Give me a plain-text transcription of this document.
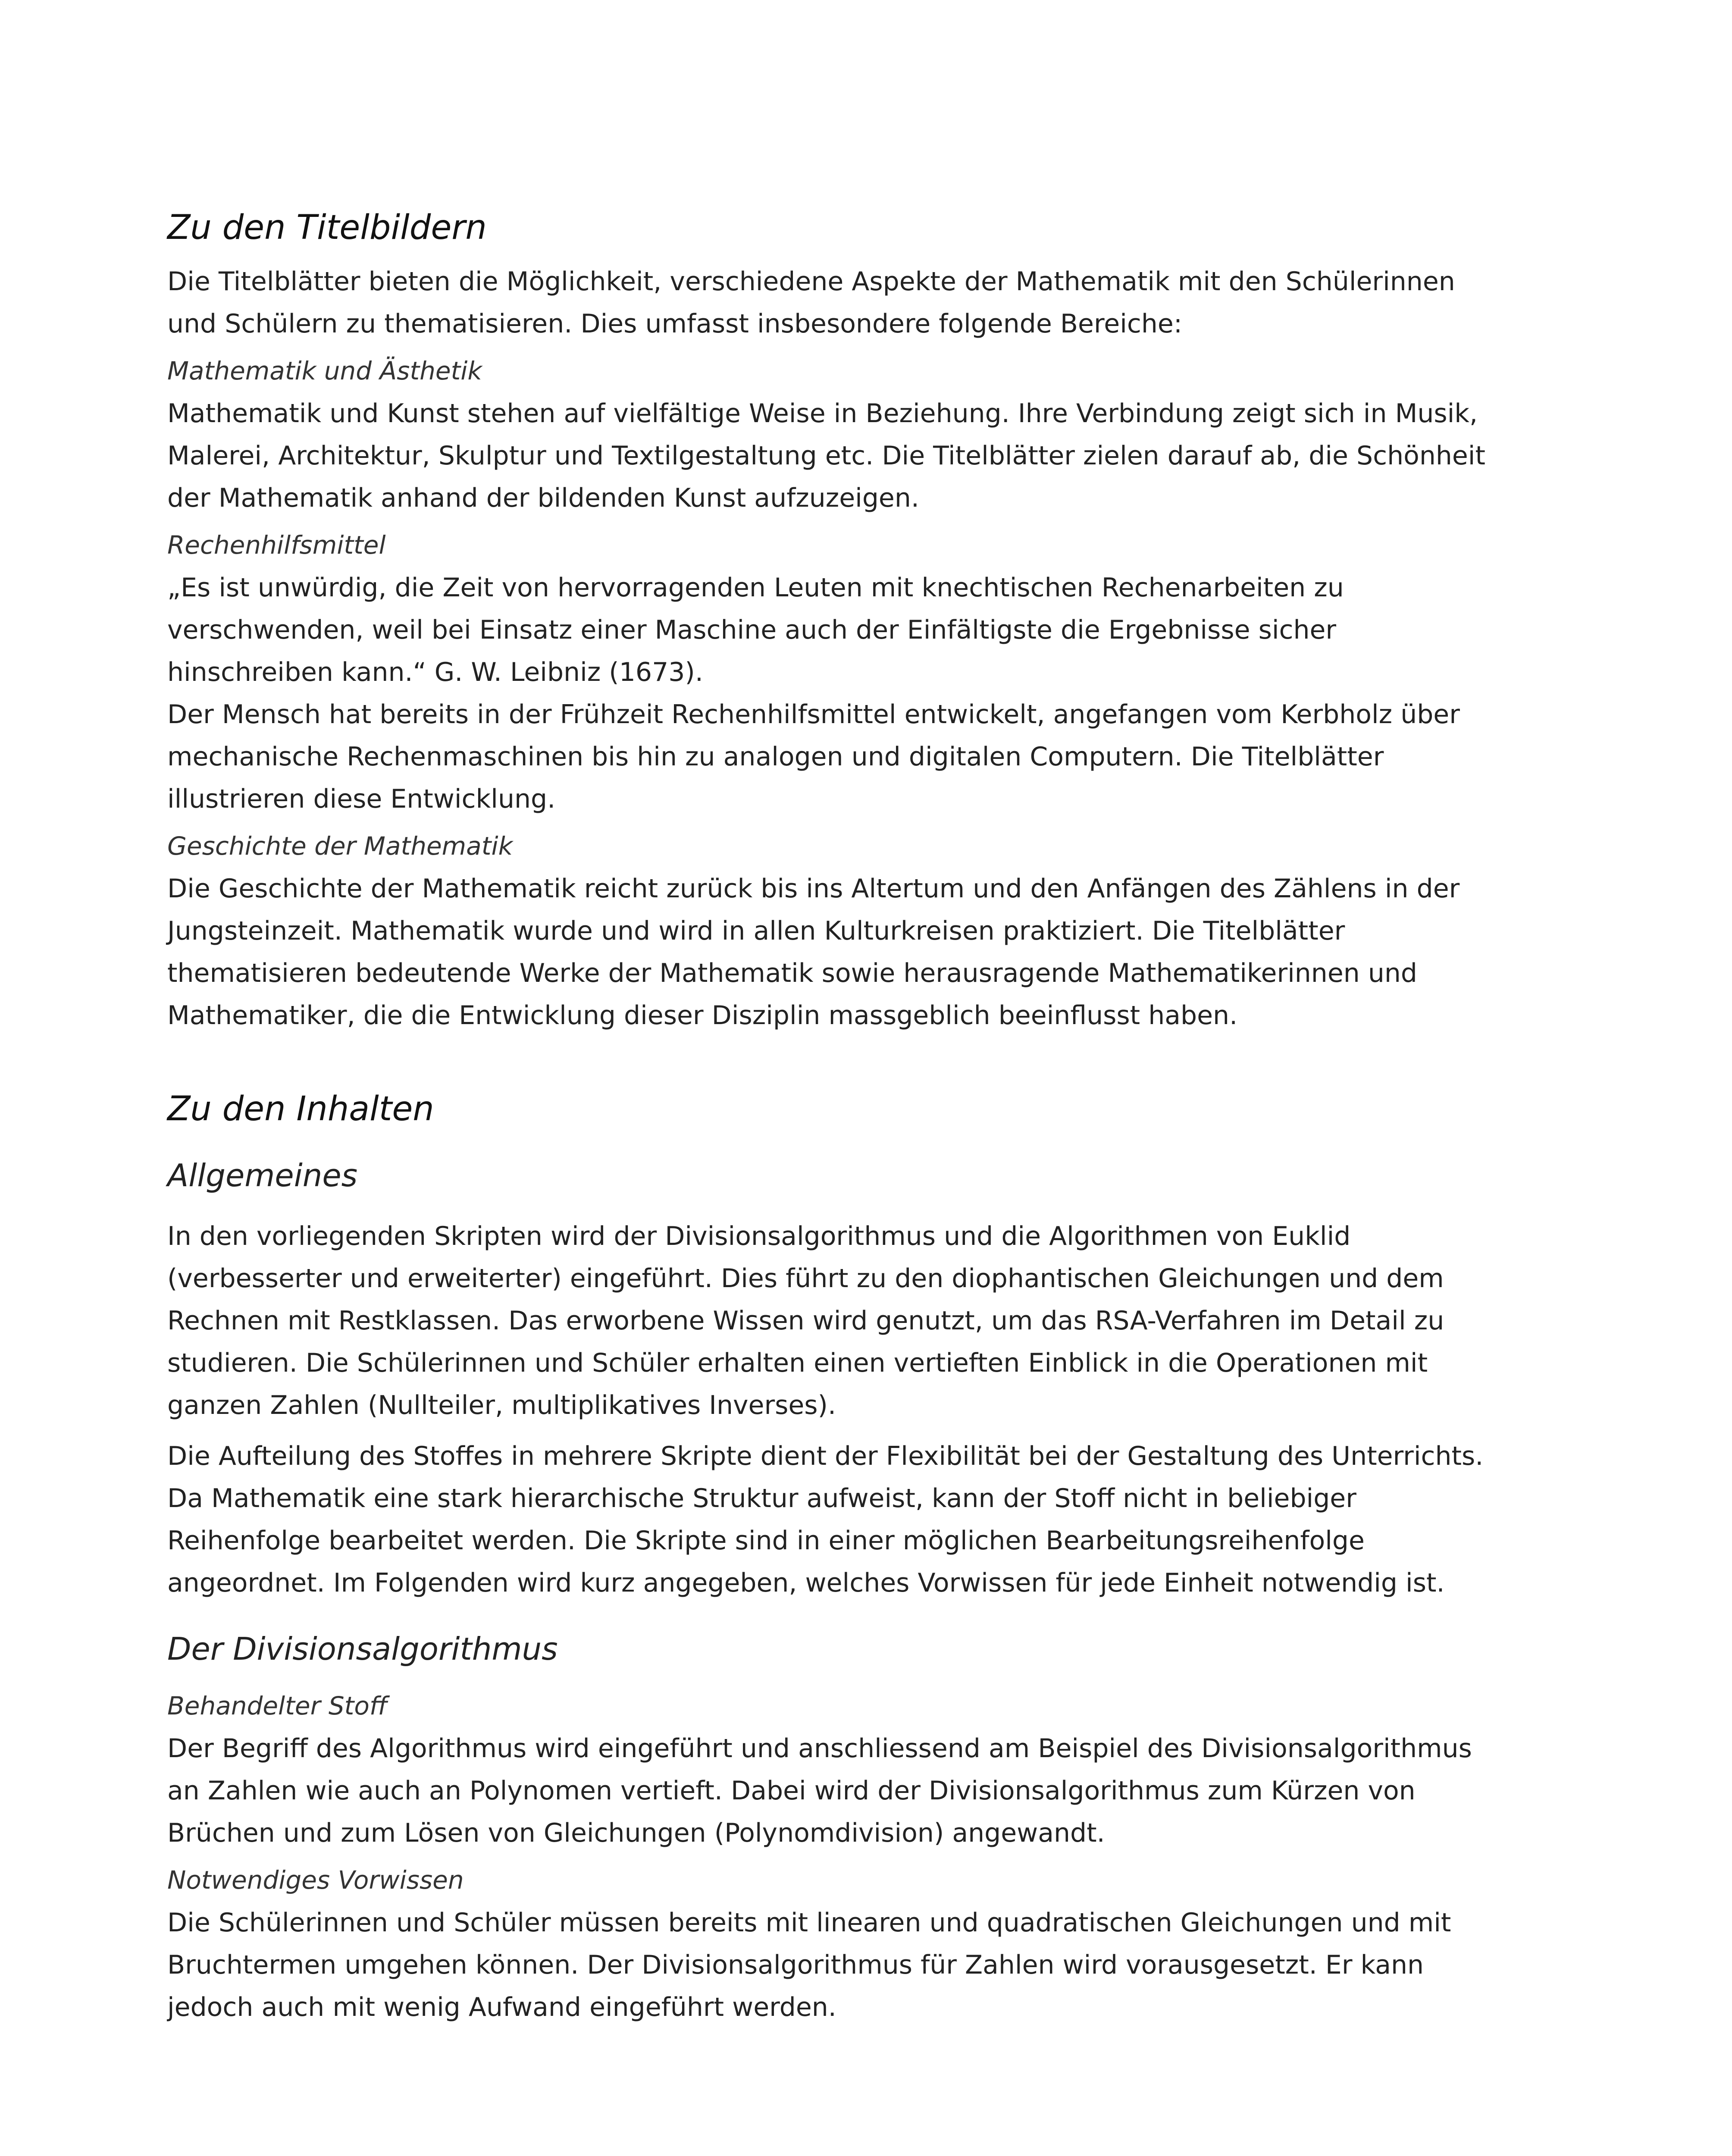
Zu den Titelbildern

Die Titelblätter bieten die Möglichkeit, verschiedene Aspekte der Mathematik mit den Schülerinnen und Schülern zu thematisieren. Dies umfasst insbesondere folgende Bereiche:

Mathematik und Ästhetik

Mathematik und Kunst stehen auf vielfältige Weise in Beziehung. Ihre Verbindung zeigt sich in Musik, Malerei, Architektur, Skulptur und Textilgestaltung etc. Die Titelblätter zielen darauf ab, die Schönheit der Mathematik anhand der bildenden Kunst aufzuzeigen.

Rechenhilfsmittel

„Es ist unwürdig, die Zeit von hervorragenden Leuten mit knechtischen Rechenarbeiten zu verschwenden, weil bei Einsatz einer Maschine auch der Einfältigste die Ergebnisse sicher hinschreiben kann.“ G. W. Leibniz (1673).

Der Mensch hat bereits in der Frühzeit Rechenhilfsmittel entwickelt, angefangen vom Kerbholz über mechanische Rechenmaschinen bis hin zu analogen und digitalen Computern. Die Titelblätter illustrieren diese Entwicklung.

Geschichte der Mathematik

Die Geschichte der Mathematik reicht zurück bis ins Altertum und den Anfängen des Zählens in der Jungsteinzeit. Mathematik wurde und wird in allen Kulturkreisen praktiziert. Die Titelblätter thematisieren bedeutende Werke der Mathematik sowie herausragende Mathematikerinnen und Mathematiker, die die Entwicklung dieser Disziplin massgeblich beeinflusst haben.

Zu den Inhalten
Allgemeines

In den vorliegenden Skripten wird der Divisionsalgorithmus und die Algorithmen von Euklid (verbesserter und erweiterter) eingeführt. Dies führt zu den diophantischen Gleichungen und dem Rechnen mit Restklassen. Das erworbene Wissen wird genutzt, um das RSA-Verfahren im Detail zu studieren. Die Schülerinnen und Schüler erhalten einen vertieften Einblick in die Operationen mit ganzen Zahlen (Nullteiler, multiplikatives Inverses).

Die Aufteilung des Stoffes in mehrere Skripte dient der Flexibilität bei der Gestaltung des Unterrichts. Da Mathematik eine stark hierarchische Struktur aufweist, kann der Stoff nicht in beliebiger Reihenfolge bearbeitet werden. Die Skripte sind in einer möglichen Bearbeitungsreihenfolge angeordnet. Im Folgenden wird kurz angegeben, welches Vorwissen für jede Einheit notwendig ist.

Der Divisionsalgorithmus
Behandelter Stoff

Der Begriff des Algorithmus wird eingeführt und anschliessend am Beispiel des Divisionsalgorithmus an Zahlen wie auch an Polynomen vertieft. Dabei wird der Divisionsalgorithmus zum Kürzen von Brüchen und zum Lösen von Gleichungen (Polynomdivision) angewandt.

Notwendiges Vorwissen

Die Schülerinnen und Schüler müssen bereits mit linearen und quadratischen Gleichungen und mit Bruchtermen umgehen können. Der Divisionsalgorithmus für Zahlen wird vorausgesetzt. Er kann jedoch auch mit wenig Aufwand eingeführt werden.
